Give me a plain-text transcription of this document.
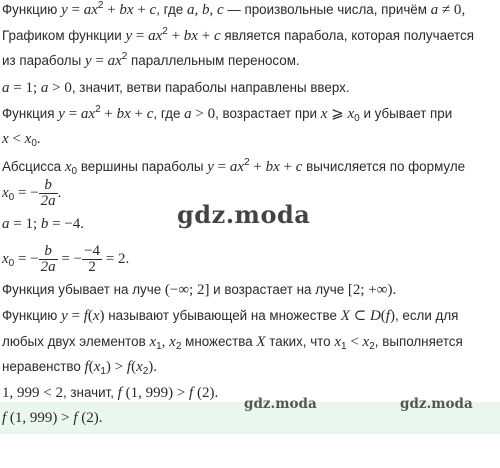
Функцию $y = ax^2$ + bx + c, где a, b, c — произвольные числа, причём a ≠ 0,
Графиком функции $y = ax^2$ + bx + c является парабола, которая получается
из параболы $y = ax^2$ параллельным переносом.
a = 1; a > 0, значит, ветви параболы направлены вверх.
Функция $y = ax^2$ + bx + c, где a > 0, возрастает при x ⩾ $x_0$ и убывает при
$x < x_0$.
Абсцисса $x_0$ вершины параболы $y = ax^2$ + bx + c вычисляется по формуле
$x_0$ = − $\frac{b}{2a}$ .
a = 1; b = −4.
$x_0$ = − $\frac{b}{2a}$ = − $\frac{-4}{2} = 2$.
Функция убывает на луче (−∞; 2] и возрастает на луче [2; +∞).
Функцию y = f(x) называют убывающей на множестве X ⊂ D(f), если для
любых двух элементов $x_1$, $x_2$ множества X таких, что $x_1 < x_2$, выполняется
неравенство $f(x_1) > f(x_2)$.
1, 999 < 2, значит, f (1, 999) > f (2).
f (1, 999) > f (2).
gdz.moda
gdz.moda	gdz.moda
